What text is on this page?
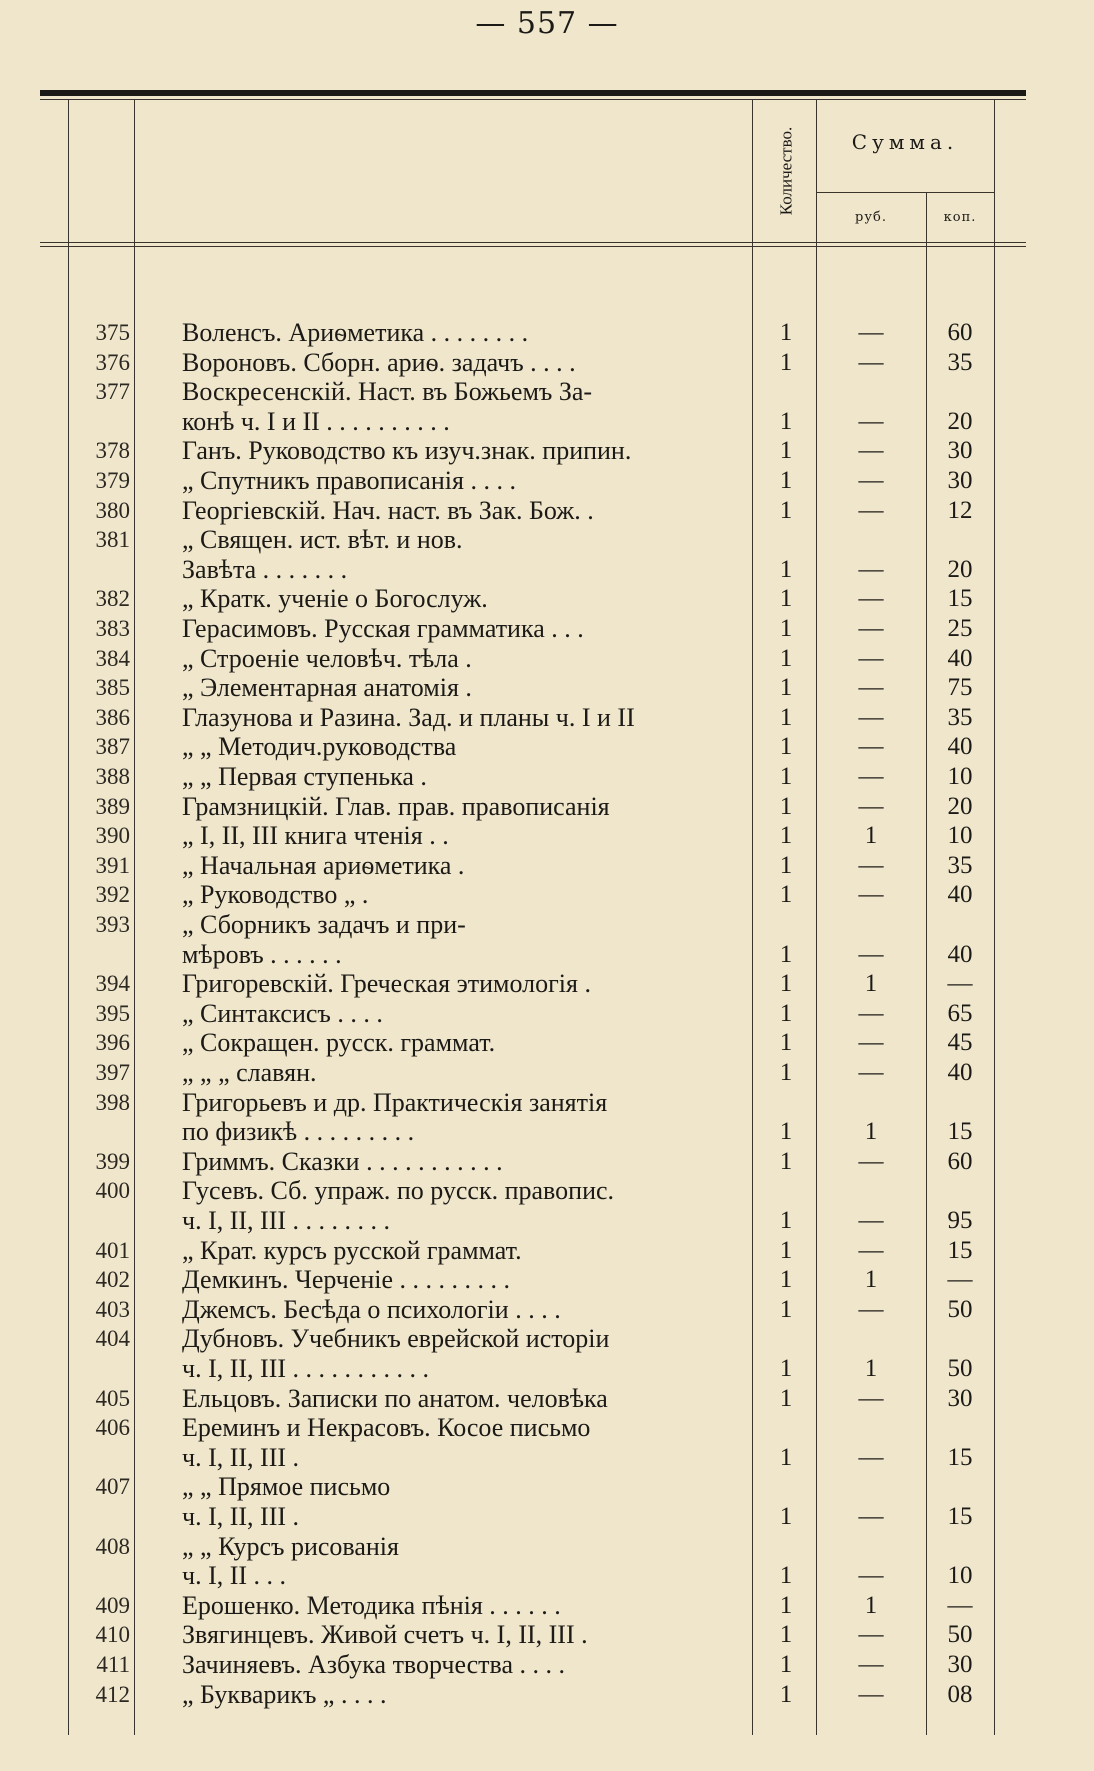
— 557 —
Количество.	Сумма.
руб.	коп.
375 Воленсъ. Ариѳметика . . . . . . . .	1	—	60
376 Вороновъ. Сборн. ариѳ. задачъ . . . .	1	—	35
377 Воскресенскій. Наст. въ Божьемъ За-
конѣ ч. I и II . . . . . . . . . .	1	—	20
378 Ганъ. Руководство къ изуч.знак. припин.	1	—	30
379 „ Спутникъ правописанія . . . .	1	—	30
380 Георгіевскій. Нач. наст. въ Зак. Бож. .	1	—	12
381 „ Священ. ист. вѣт. и нов.
Завѣта . . . . . . .	1	—	20
382 „ Кратк. ученіе о Богослуж.	1	—	15
383 Герасимовъ. Русская грамматика . . .	1	—	25
384 „ Строеніе человѣч. тѣла .	1	—	40
385 „ Элементарная анатомія .	1	—	75
386 Глазунова и Разина. Зад. и планы ч. I и II	1	—	35
387 „ „ Методич.руководства	1	—	40
388 „ „ Первая ступенька .	1	—	10
389 Грамзницкій. Глав. прав. правописанія	1	—	20
390 „ I, II, III книга чтенія . .	1	1	10
391 „ Начальная ариѳметика .	1	—	35
392 „ Руководство „ .	1	—	40
393 „ Сборникъ задачъ и при-
мѣровъ . . . . . .	1	—	40
394 Григоревскій. Греческая этимологія .	1	1	—
395 „ Синтаксисъ . . . .	1	—	65
396 „ Сокращен. русск. граммат.	1	—	45
397 „ „ „ славян.	1	—	40
398 Григорьевъ и др. Практическія занятія
по физикѣ . . . . . . . . .	1	1	15
399 Гриммъ. Сказки . . . . . . . . . . .	1	—	60
400 Гусевъ. Сб. упраж. по русск. правопис.
ч. I, II, III . . . . . . . .	1	—	95
401 „ Крат. курсъ русской граммат.	1	—	15
402 Демкинъ. Черченіе . . . . . . . . .	1	1	—
403 Джемсъ. Бесѣда о психологіи . . . .	1	—	50
404 Дубновъ. Учебникъ еврейской исторіи
ч. I, II, III . . . . . . . . . . .	1	1	50
405 Ельцовъ. Записки по анатом. человѣка	1	—	30
406 Ереминъ и Некрасовъ. Косое письмо
ч. I, II, III .	1	—	15
407 „ „ Прямое письмо
ч. I, II, III .	1	—	15
408 „ „ Курсъ рисованія
ч. I, II . . .	1	—	10
409 Ерошенко. Методика пѣнія . . . . . .	1	1	—
410 Звягинцевъ. Живой счетъ ч. I, II, III .	1	—	50
411 Зачиняевъ. Азбука творчества . . . .	1	—	30
412 „ Букварикъ „ . . . .	1	—	08
